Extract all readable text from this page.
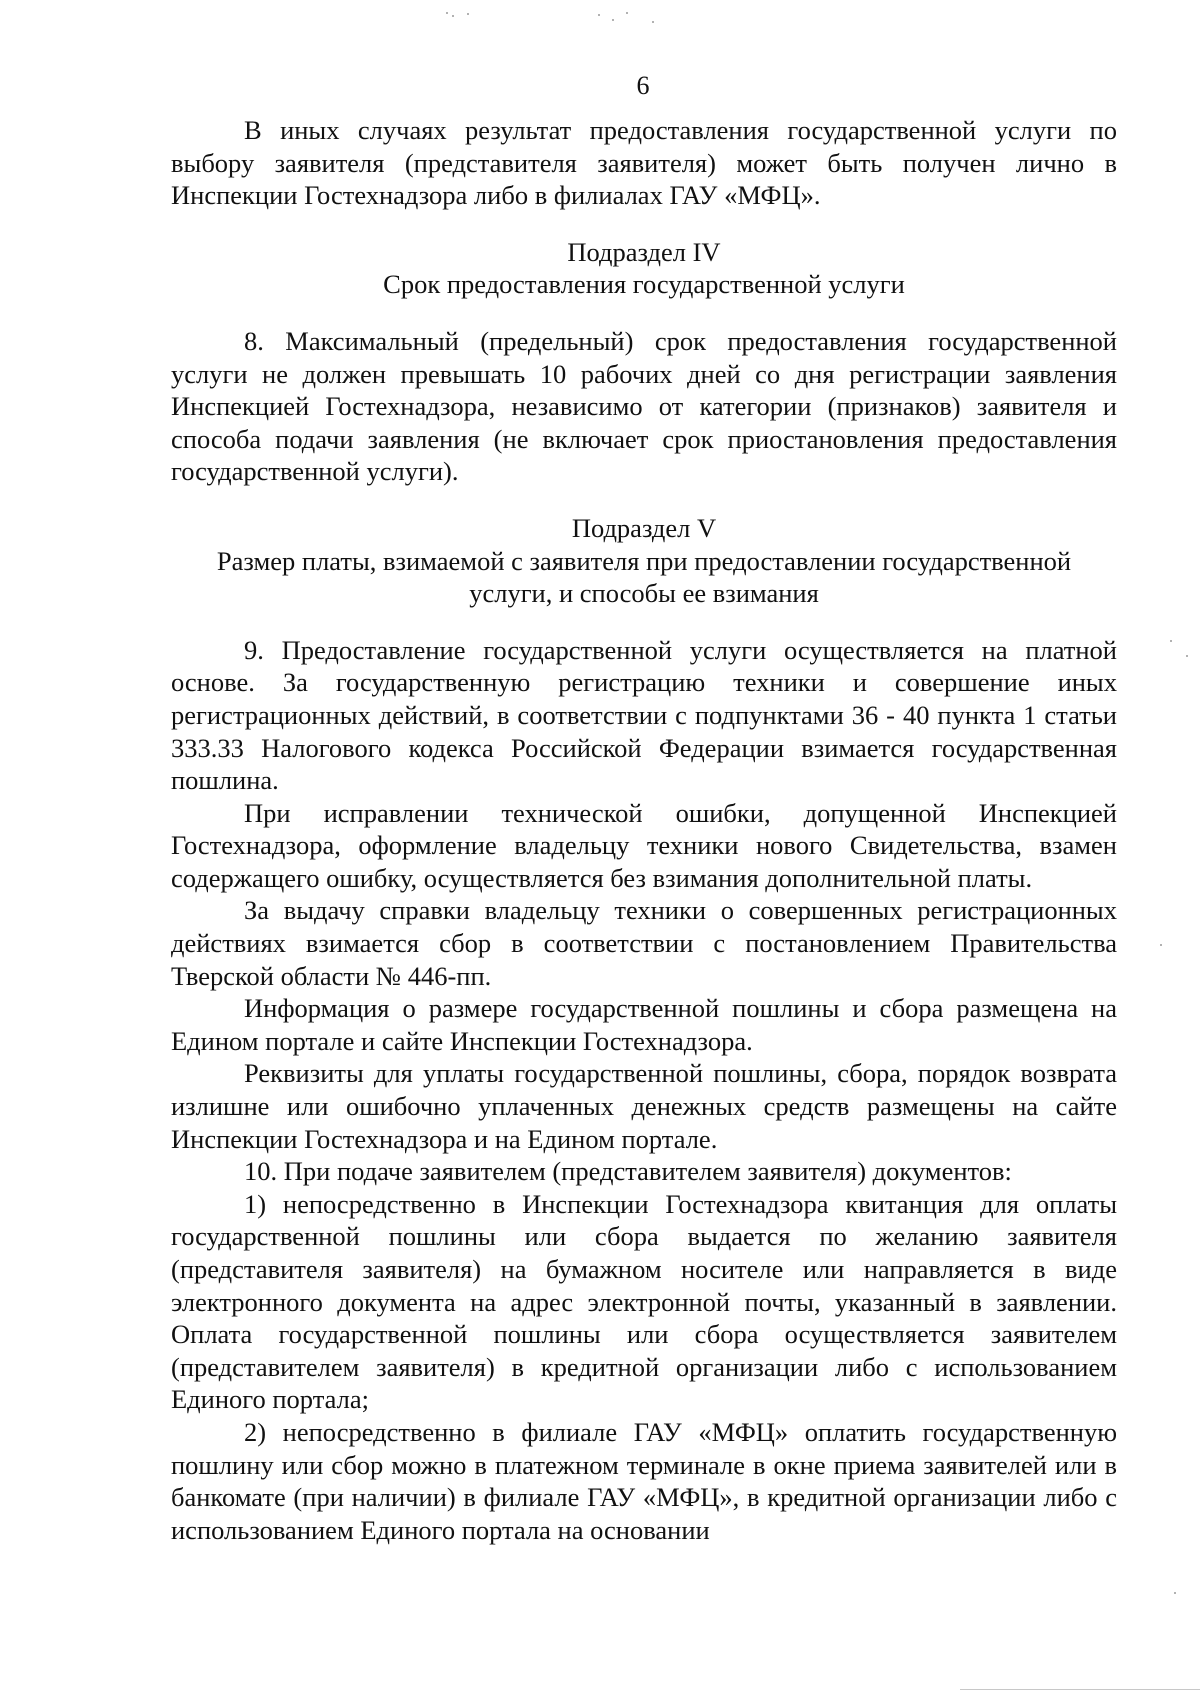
6

В иных случаях результат предоставления государственной услуги по выбору заявителя (представителя заявителя) может быть получен лично в Инспекции Гостехнадзора либо в филиалах ГАУ «МФЦ».

Подраздел IV
Срок предоставления государственной услуги

8. Максимальный (предельный) срок предоставления государственной услуги не должен превышать 10 рабочих дней со дня регистрации заявления Инспекцией Гостехнадзора, независимо от категории (признаков) заявителя и способа подачи заявления (не включает срок приостановления предоставления государственной услуги).

Подраздел V
Размер платы, взимаемой с заявителя при предоставлении государственной
услуги, и способы ее взимания

9. Предоставление государственной услуги осуществляется на платной основе. За государственную регистрацию техники и совершение иных регистрационных действий, в соответствии с подпунктами 36 - 40 пункта 1 статьи 333.33 Налогового кодекса Российской Федерации взимается государственная пошлина.

При исправлении технической ошибки, допущенной Инспекцией Гостехнадзора, оформление владельцу техники нового Свидетельства, взамен содержащего ошибку, осуществляется без взимания дополнительной платы.

За выдачу справки владельцу техники о совершенных регистрационных действиях взимается сбор в соответствии с постановлением Правительства Тверской области № 446-пп.

Информация о размере государственной пошлины и сбора размещена на Едином портале и сайте Инспекции Гостехнадзора.

Реквизиты для уплаты государственной пошлины, сбора, порядок возврата излишне или ошибочно уплаченных денежных средств размещены на сайте Инспекции Гостехнадзора и на Едином портале.

10. При подаче заявителем (представителем заявителя) документов:

1) непосредственно в Инспекции Гостехнадзора квитанция для оплаты государственной пошлины или сбора выдается по желанию заявителя (представителя заявителя) на бумажном носителе или направляется в виде электронного документа на адрес электронной почты, указанный в заявлении. Оплата государственной пошлины или сбора осуществляется заявителем (представителем заявителя) в кредитной организации либо с использованием Единого портала;

2) непосредственно в филиале ГАУ «МФЦ» оплатить государственную пошлину или сбор можно в платежном терминале в окне приема заявителей или в банкомате (при наличии) в филиале ГАУ «МФЦ», в кредитной организации либо с использованием Единого портала на основании
